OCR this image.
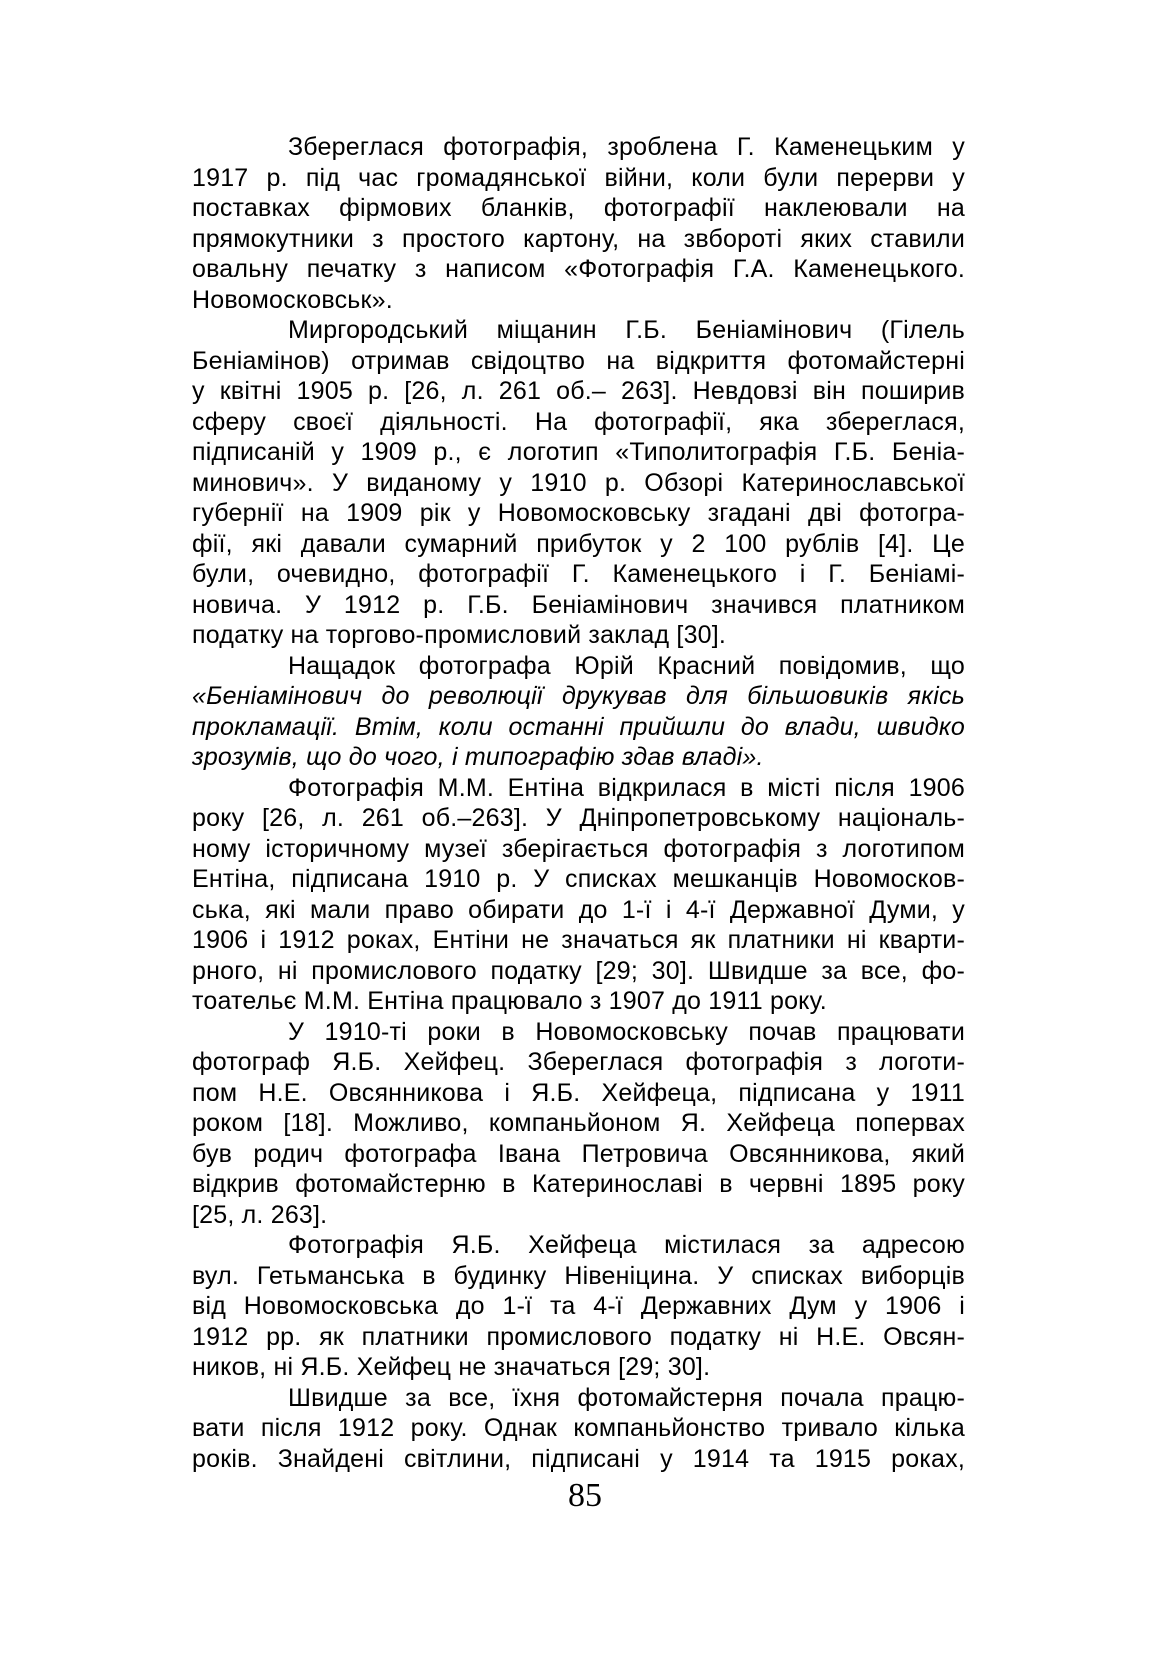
Збереглася фотографія, зроблена Г. Каменецьким у
1917 р. під час громадянської війни, коли були перерви у
поставках фірмових бланків, фотографії наклеювали на
прямокутники з простого картону, на звбороті яких ставили
овальну печатку з написом «Фотографія Г.А. Каменецького.
Новомосковськ».
Миргородський міщанин Г.Б. Беніамінович (Гілель
Беніамінов) отримав свідоцтво на відкриття фотомайстерні
у квітні 1905 р. [26, л. 261 об.– 263]. Невдовзі він поширив
сферу своєї діяльності. На фотографії, яка збереглася,
підписаній у 1909 р., є логотип «Типолитографія Г.Б. Беніа-
минович». У виданому у 1910 р. Обзорі Катеринославської
губернії на 1909 рік у Новомосковську згадані дві фотогра-
фії, які давали сумарний прибуток у 2 100 рублів [4]. Це
були, очевидно, фотографії Г. Каменецького і Г. Беніамі-
новича. У 1912 р. Г.Б. Беніамінович значився платником
податку на торгово-промисловий заклад [30].
Нащадок фотографа Юрій Красний повідомив, що
«Беніамінович до революції друкував для більшовиків якісь
прокламації. Втім, коли останні прийшли до влади, швидко
зрозумів, що до чого, і типографію здав владі».
Фотографія М.М. Ентіна відкрилася в місті після 1906
року [26, л. 261 об.–263]. У Дніпропетровському національ-
ному історичному музеї зберігається фотографія з логотипом
Ентіна, підписана 1910 р. У списках мешканців Новомосков-
ська, які мали право обирати до 1-ї і 4-ї Державної Думи, у
1906 і 1912 роках, Ентіни не значаться як платники ні кварти-
рного, ні промислового податку [29; 30]. Швидше за все, фо-
тоательє М.М. Ентіна працювало з 1907 до 1911 року.
У 1910-ті роки в Новомосковську почав працювати
фотограф Я.Б. Хейфец. Збереглася фотографія з логоти-
пом Н.Е. Овсянникова і Я.Б. Хейфеца, підписана у 1911
роком [18]. Можливо, компаньйоном Я. Хейфеца попервах
був родич фотографа Івана Петровича Овсянникова, який
відкрив фотомайстерню в Катеринославі в червні 1895 року
[25, л. 263].
Фотографія Я.Б. Хейфеца містилася за адресою
вул. Гетьманська в будинку Нівеніцина. У списках виборців
від Новомосковська до 1-ї та 4-ї Державних Дум у 1906 і
1912 рр. як платники промислового податку ні Н.Е. Овсян-
ников, ні Я.Б. Хейфец не значаться [29; 30].
Швидше за все, їхня фотомайстерня почала працю-
вати після 1912 року. Однак компаньйонство тривало кілька
років. Знайдені світлини, підписані у 1914 та 1915 роках,
85
